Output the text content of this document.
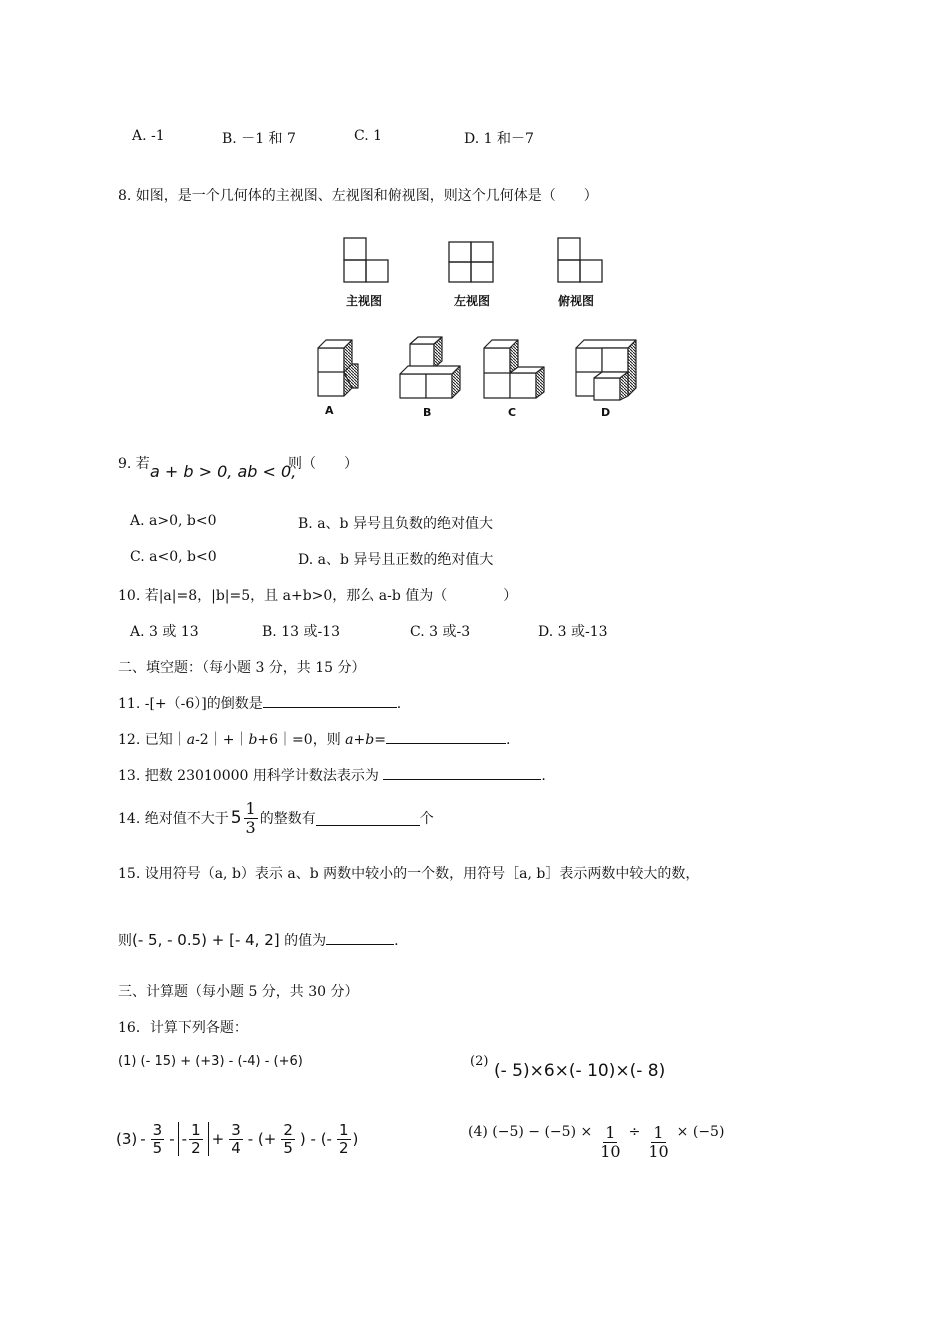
A. -1	B. －1 和 7	C. 1	D. 1 和－7
8. 如图，是一个几何体的主视图、左视图和俯视图，则这个几何体是（　　）
主视图	左视图	俯视图
A	B	C	D
9. 若 a + b > 0, ab < 0,
则（　　）
A. a>0, b<0	B. a、b 异号且负数的绝对值大
C. a<0, b<0	D. a、b 异号且正数的绝对值大
10. 若|a|=8，|b|=5，且 a+b>0，那么 a-b 值为（　　　　）
A. 3 或 13	B. 13 或-13	C. 3 或-3	D. 3 或-13
二、填空题：（每小题 3 分，共 15 分）
11. -[+（-6）]的倒数是	.
12. 已知｜a-2｜+｜b+6｜=0，则 a+b=	.
13. 把数 23010000 用科学计数法表示为	.
14. 绝对值不大于 $5 \frac{1}{3}$ 的整数有	个
15. 设用符号（a, b）表示 a、b 两数中较小的一个数，用符号［a, b］表示两数中较大的数，
则(- 5, - 0.5) + [- 4, 2] 的值为	.
三、计算题（每小题 5 分，共 30 分）
16．计算下列各题：
(1) (- 15) + (+3) - (-4) - (+6)	(2) (- 5)×6×(- 10)×(- 8)
$(3) - \frac{3}{5}$ - - $\frac{1}{2} + \frac{3}{4}$ - (+ $\frac{2}{5}$ ) - (- $\frac{1}{2}$ )	(4) $(-5) - (-5) \times \frac{1}{10} \div \frac{1}{10} \times (-5)$
